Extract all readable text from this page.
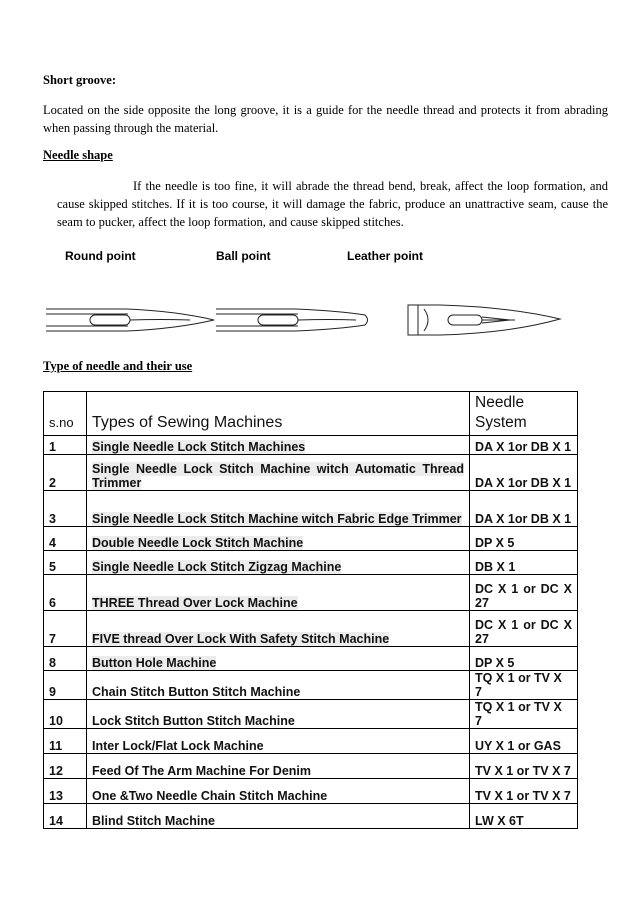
Short groove:
Located on the side opposite the long groove, it is a guide for the needle thread and protects it from abrading when passing through the material.
Needle shape
If the needle is too fine, it will abrade the thread bend, break, affect the loop formation, and cause skipped stitches. If it is too course, it will damage the fabric, produce an unattractive seam, cause the seam to pucker, affect the loop formation, and cause skipped stitches.
Round point	Ball point	Leather point
Type of needle and their use
s.no	Types of Sewing Machines	Needle
System

1	Single Needle Lock Stitch Machines	DA X 1or DB X 1
2	Single Needle Lock Stitch Machine witch Automatic Thread Trimmer	DA X 1or DB X 1
3	Single Needle Lock Stitch Machine witch Fabric Edge Trimmer	DA X 1or DB X 1
4	Double Needle Lock Stitch Machine	DP X 5
5	Single Needle Lock Stitch Zigzag Machine	DB X 1
6	THREE Thread Over Lock Machine	DC X 1 or DC X 27
7	FIVE thread Over Lock With Safety Stitch Machine	DC X 1 or DC X 27
8	Button Hole Machine	DP X 5
9	Chain Stitch Button Stitch Machine	TQ X 1 or TV X 7
10	Lock Stitch Button Stitch Machine	TQ X 1 or TV X 7
11	Inter Lock/Flat Lock Machine	UY X 1 or GAS
12	Feed Of The Arm Machine For Denim	TV X 1 or TV X 7
13	One &Two Needle Chain Stitch Machine	TV X 1 or TV X 7
14	Blind Stitch Machine	LW X 6T
